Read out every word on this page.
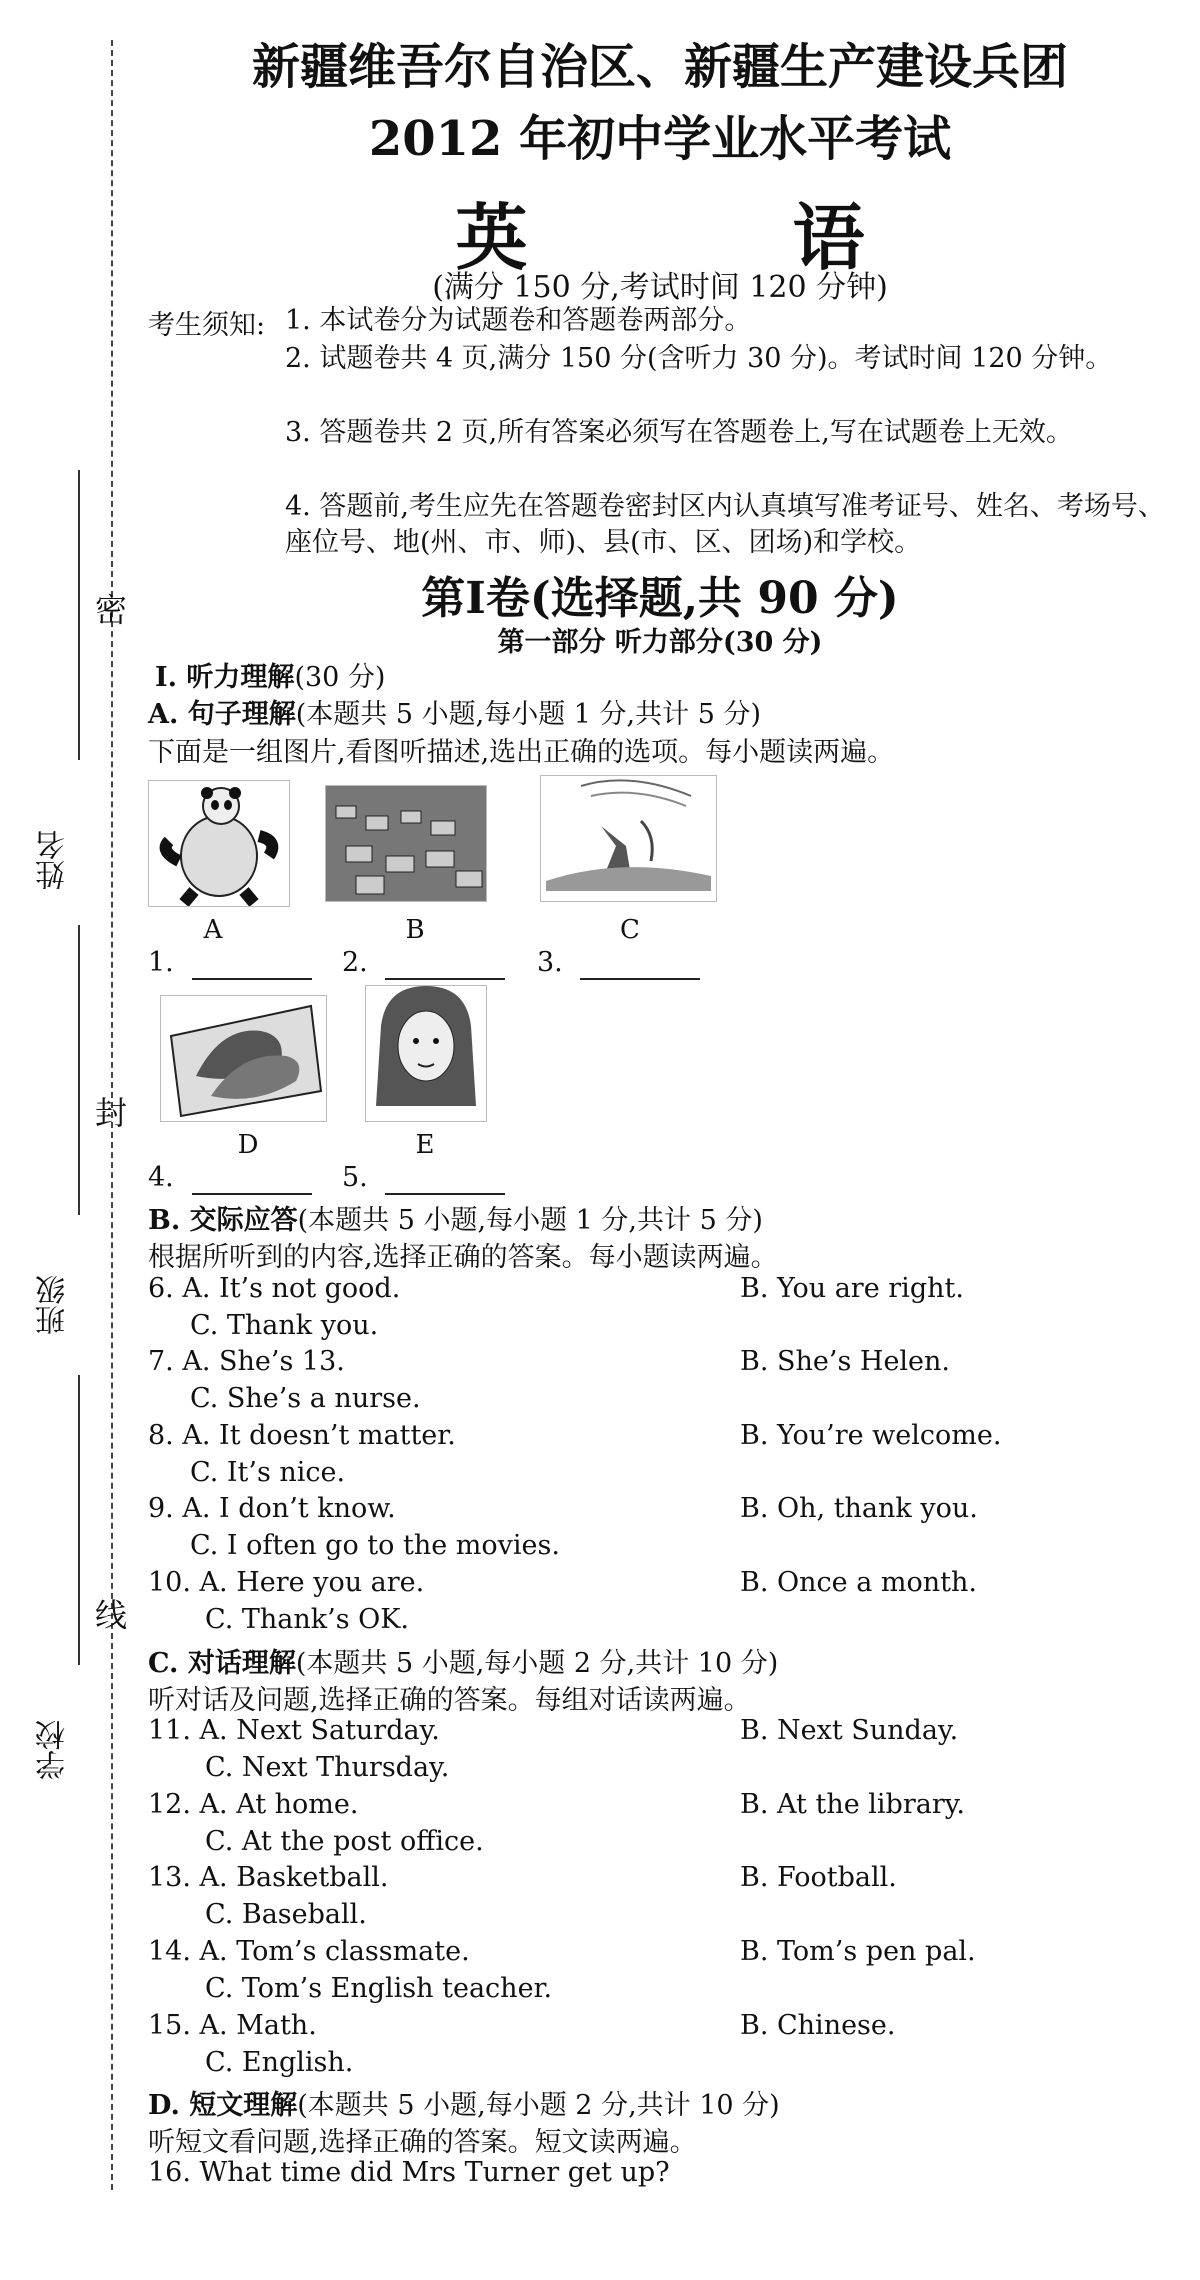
姓名
班级
学校
密
封
线
新疆维吾尔自治区、新疆生产建设兵团
2012 年初中学业水平考试
英 语
(满分 150 分,考试时间 120 分钟)
考生须知: 1. 本试卷分为试题卷和答题卷两部分。
2. 试题卷共 4 页,满分 150 分(含听力 30 分)。考试时间 120 分钟。
3. 答题卷共 2 页,所有答案必须写在答题卷上,写在试题卷上无效。
4. 答题前,考生应先在答题卷密封区内认真填写准考证号、姓名、考场号、座位号、地(州、市、师)、县(市、区、团场)和学校。
第Ⅰ卷(选择题,共 90 分)
第一部分 听力部分(30 分)
Ⅰ. 听力理解(30 分)
A. 句子理解(本题共 5 小题,每小题 1 分,共计 5 分)
下面是一组图片,看图听描述,选出正确的选项。每小题读两遍。
A	B	C
1.	2.	3.
D	E
4.	5.
B. 交际应答(本题共 5 小题,每小题 1 分,共计 5 分)
根据所听到的内容,选择正确的答案。每小题读两遍。
6. A. It’s not good.	B. You are right.
C. Thank you.
7. A. She’s 13.	B. She’s Helen.
C. She’s a nurse.
8. A. It doesn’t matter.	B. You’re welcome.
C. It’s nice.
9. A. I don’t know.	B. Oh, thank you.
C. I often go to the movies.
10. A. Here you are.	B. Once a month.
C. Thank’s OK.
C. 对话理解(本题共 5 小题,每小题 2 分,共计 10 分)
听对话及问题,选择正确的答案。每组对话读两遍。
11. A. Next Saturday.	B. Next Sunday.
C. Next Thursday.
12. A. At home.	B. At the library.
C. At the post office.
13. A. Basketball.	B. Football.
C. Baseball.
14. A. Tom’s classmate.	B. Tom’s pen pal.
C. Tom’s English teacher.
15. A. Math.	B. Chinese.
C. English.
D. 短文理解(本题共 5 小题,每小题 2 分,共计 10 分)
听短文看问题,选择正确的答案。短文读两遍。
16. What time did Mrs Turner get up?
